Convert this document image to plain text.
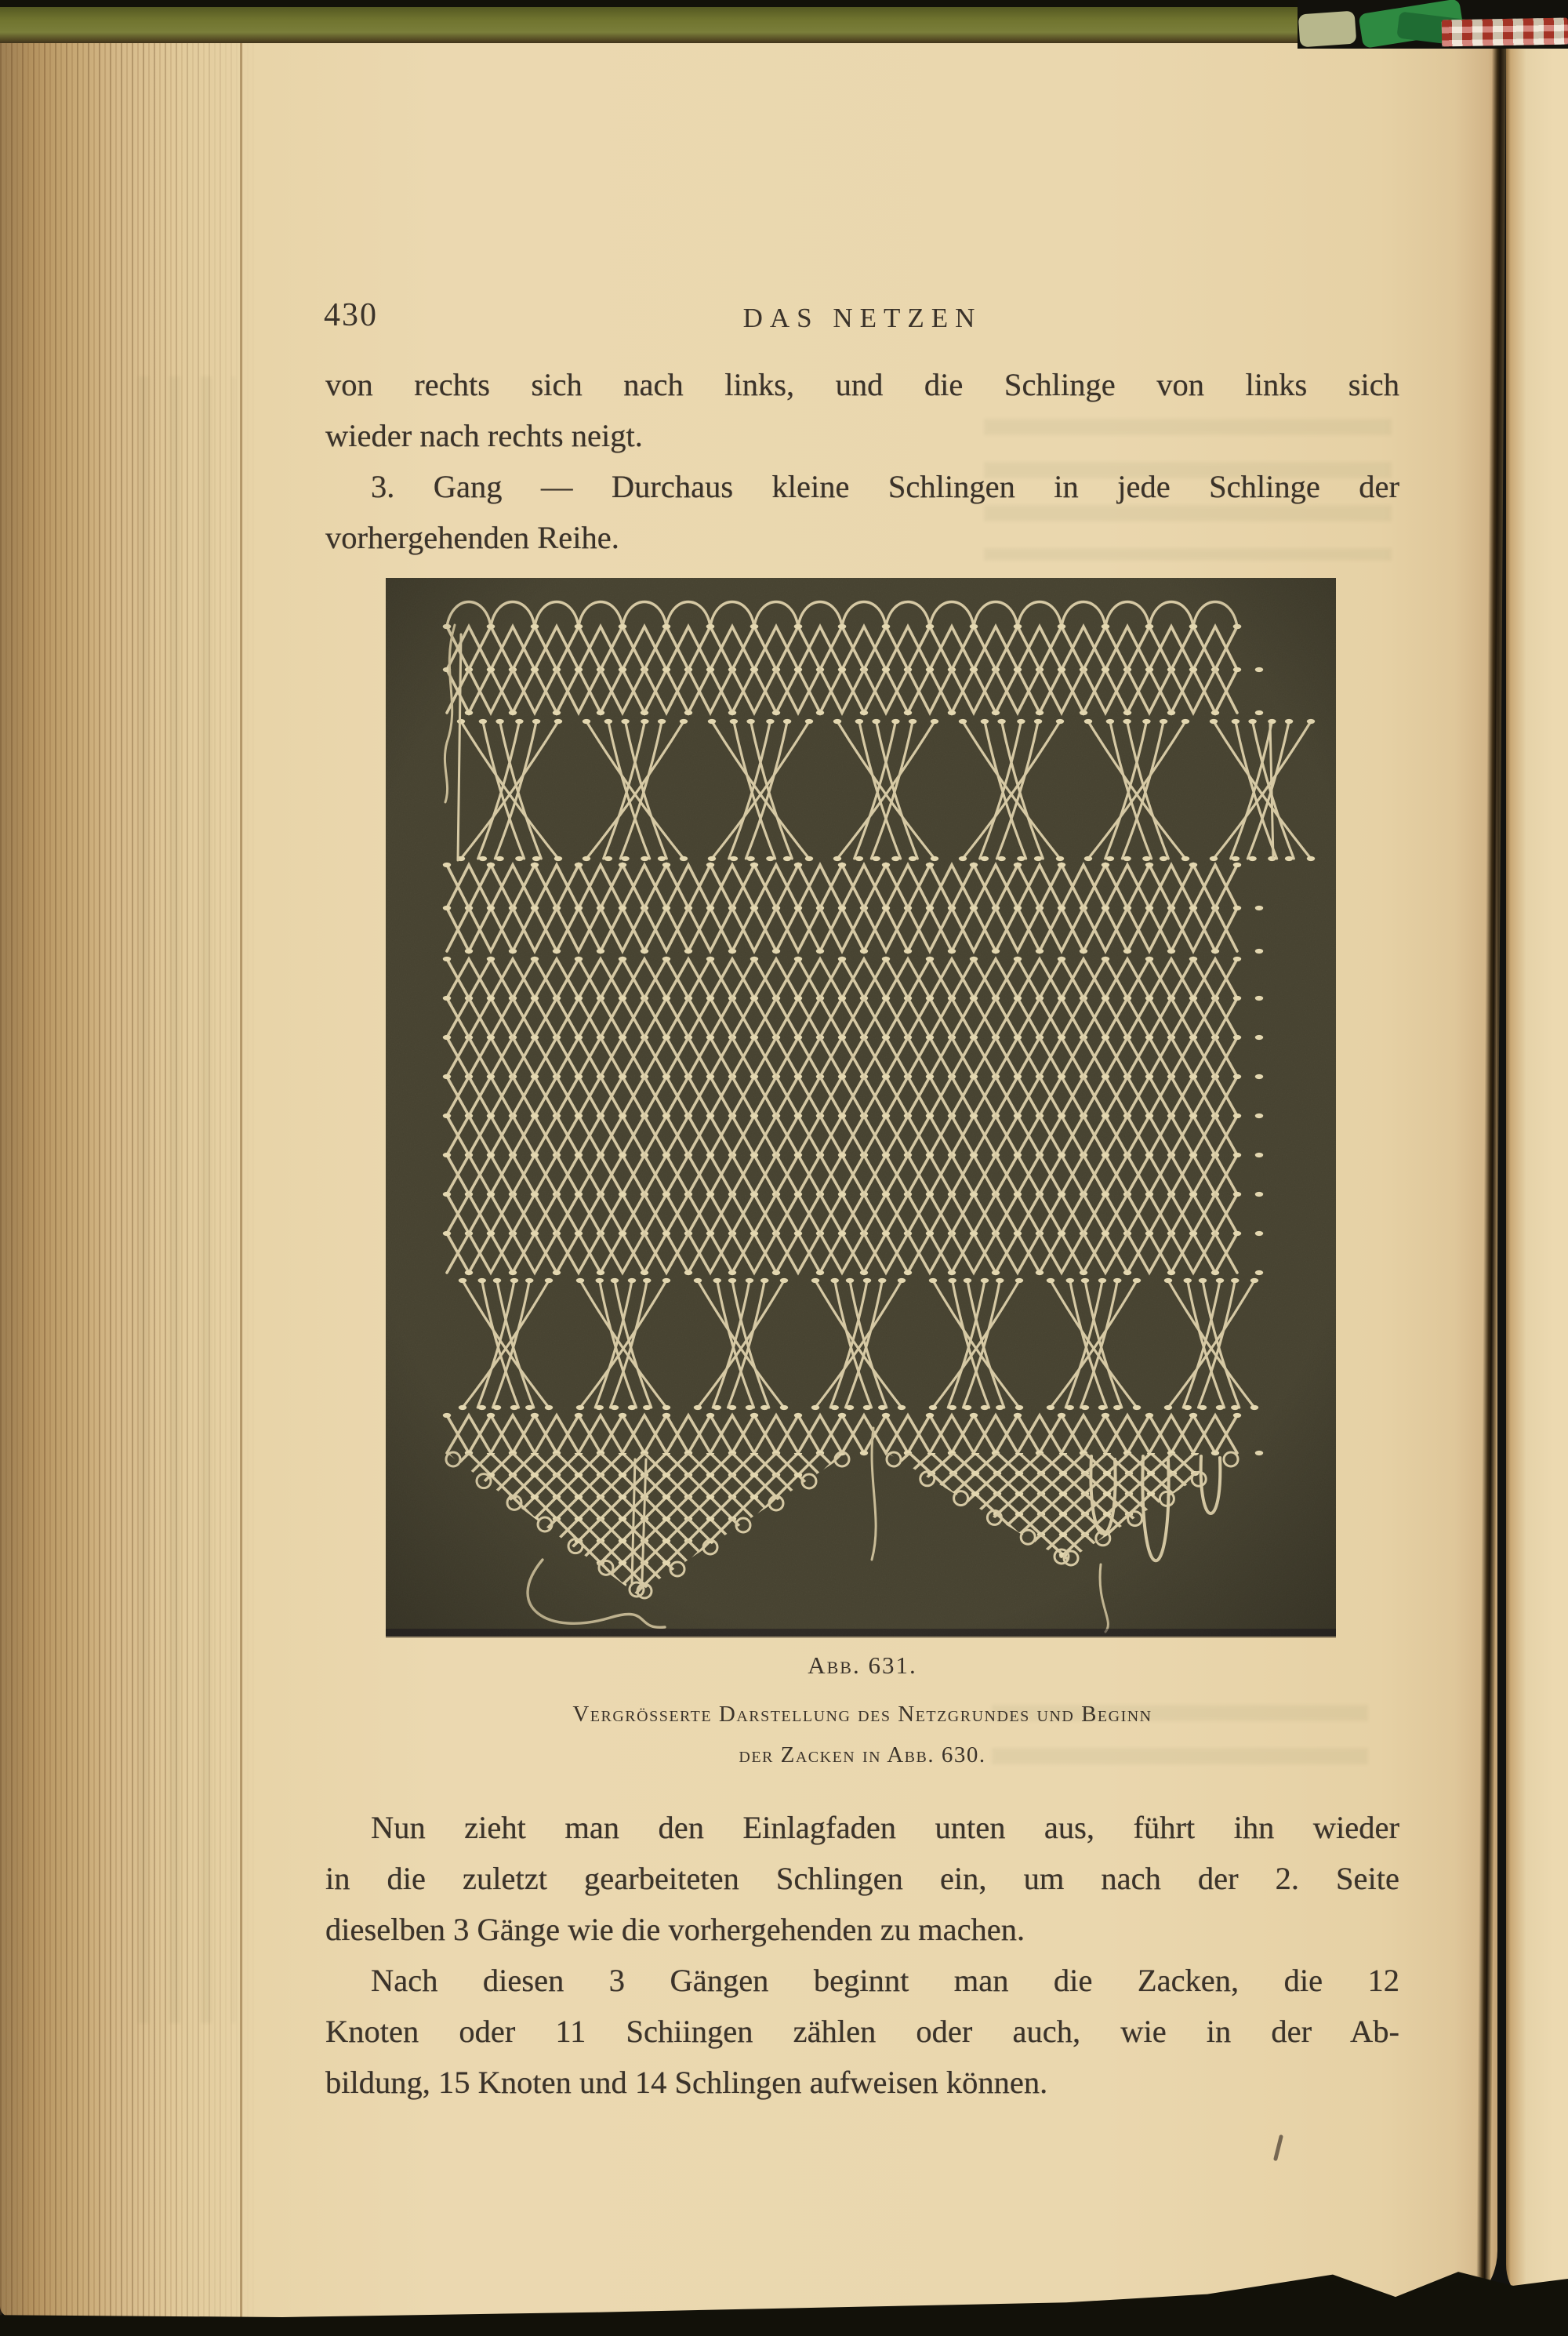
430	DAS NETZEN
von rechts sich nach links, und die Schlinge von links sich
wieder nach rechts neigt.
3. Gang — Durchaus kleine Schlingen in jede Schlinge der
vorhergehenden Reihe.
Abb. 631.
Vergrösserte Darstellung des Netzgrundes und Beginn
der Zacken in Abb. 630.
Nun zieht man den Einlagfaden unten aus, führt ihn wieder
in die zuletzt gearbeiteten Schlingen ein, um nach der 2. Seite
dieselben 3 Gänge wie die vorhergehenden zu machen.
Nach diesen 3 Gängen beginnt man die Zacken, die 12
Knoten oder 11 Schiingen zählen oder auch, wie in der Ab-
bildung, 15 Knoten und 14 Schlingen aufweisen können.
